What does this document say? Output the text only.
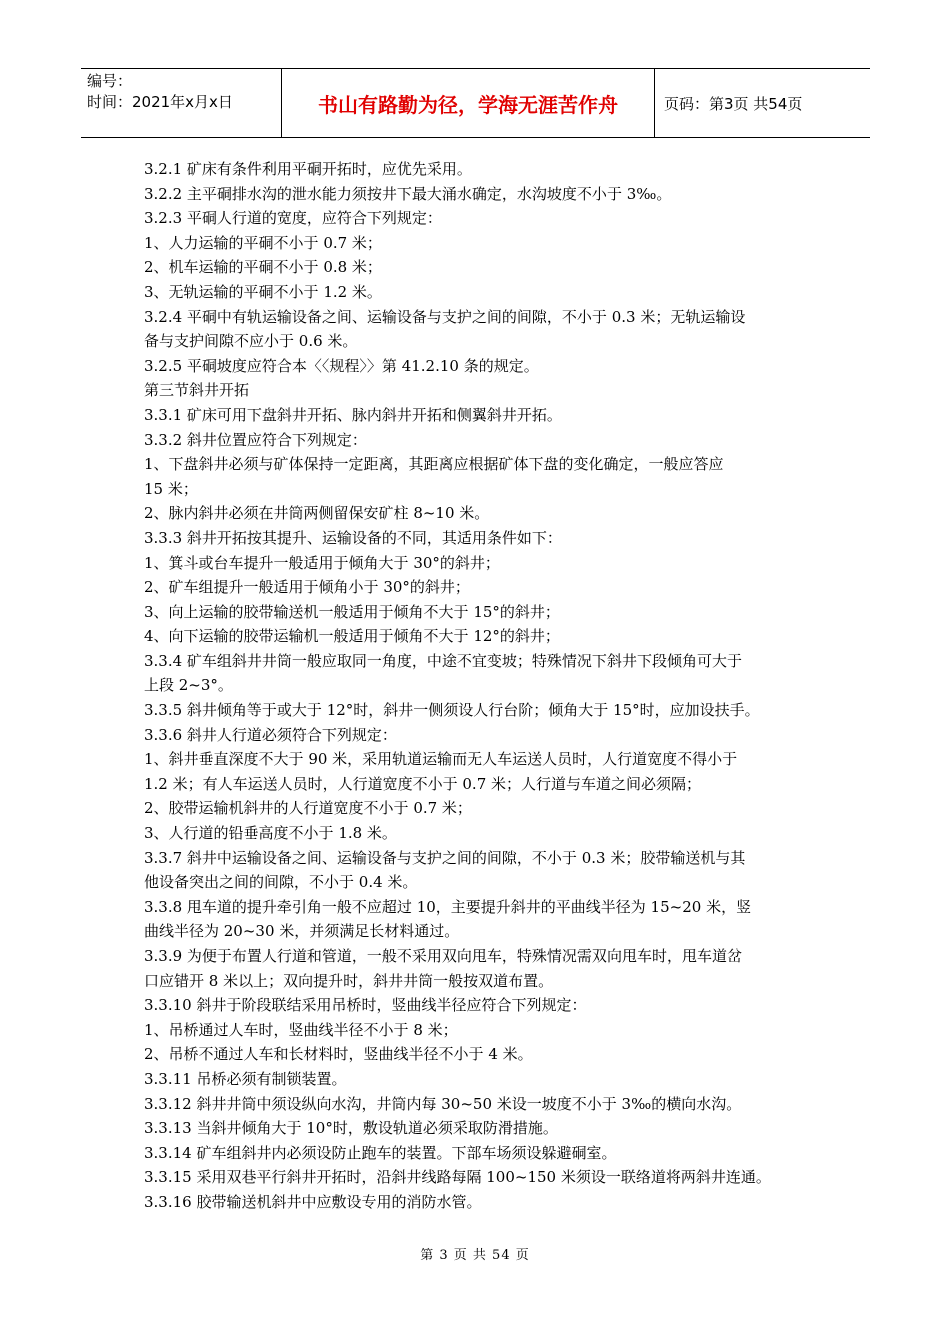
编号：
时间：2021年x月x日	书山有路勤为径，学海无涯苦作舟	页码：第3页 共54页

3.2.1 矿床有条件利用平硐开拓时，应优先采用。

3.2.2 主平硐排水沟的泄水能力须按井下最大涌水确定，水沟坡度不小于 3‰。

3.2.3 平硐人行道的宽度，应符合下列规定：

1、人力运输的平硐不小于 0.7 米；

2、机车运输的平硐不小于 0.8 米；

3、无轨运输的平硐不小于 1.2 米。

3.2.4 平硐中有轨运输设备之间、运输设备与支护之间的间隙，不小于 0.3 米；无轨运输设

备与支护间隙不应小于 0.6 米。

3.2.5 平硐坡度应符合本〈〈规程〉〉第 41.2.10 条的规定。

第三节斜井开拓

3.3.1 矿床可用下盘斜井开拓、脉内斜井开拓和侧翼斜井开拓。

3.3.2 斜井位置应符合下列规定：

1、下盘斜井必须与矿体保持一定距离，其距离应根据矿体下盘的变化确定，一般应答应

15 米；

2、脉内斜井必须在井筒两侧留保安矿柱 8~10 米。

3.3.3 斜井开拓按其提升、运输设备的不同，其适用条件如下：

1、箕斗或台车提升一般适用于倾角大于 30°的斜井；

2、矿车组提升一般适用于倾角小于 30°的斜井；

3、向上运输的胶带输送机一般适用于倾角不大于 15°的斜井；

4、向下运输的胶带运输机一般适用于倾角不大于 12°的斜井；

3.3.4 矿车组斜井井筒一般应取同一角度，中途不宜变坡；特殊情况下斜井下段倾角可大于

上段 2~3°。

3.3.5 斜井倾角等于或大于 12°时，斜井一侧须设人行台阶；倾角大于 15°时，应加设扶手。

3.3.6 斜井人行道必须符合下列规定：

1、斜井垂直深度不大于 90 米，采用轨道运输而无人车运送人员时，人行道宽度不得小于

1.2 米；有人车运送人员时，人行道宽度不小于 0.7 米；人行道与车道之间必须隔；

2、胶带运输机斜井的人行道宽度不小于 0.7 米；

3、人行道的铅垂高度不小于 1.8 米。

3.3.7 斜井中运输设备之间、运输设备与支护之间的间隙，不小于 0.3 米；胶带输送机与其

他设备突出之间的间隙，不小于 0.4 米。

3.3.8 甩车道的提升牵引角一般不应超过 10，主要提升斜井的平曲线半径为 15~20 米，竖

曲线半径为 20~30 米，并须满足长材料通过。

3.3.9 为便于布置人行道和管道，一般不采用双向甩车，特殊情况需双向甩车时，甩车道岔

口应错开 8 米以上；双向提升时，斜井井筒一般按双道布置。

3.3.10 斜井于阶段联结采用吊桥时，竖曲线半径应符合下列规定：

1、吊桥通过人车时，竖曲线半径不小于 8 米；

2、吊桥不通过人车和长材料时，竖曲线半径不小于 4 米。

3.3.11 吊桥必须有制锁装置。

3.3.12 斜井井筒中须设纵向水沟，井筒内每 30~50 米设一坡度不小于 3‰的横向水沟。

3.3.13 当斜井倾角大于 10°时，敷设轨道必须采取防滑措施。

3.3.14 矿车组斜井内必须设防止跑车的装置。下部车场须设躲避硐室。

3.3.15 采用双巷平行斜井开拓时，沿斜井线路每隔 100~150 米须设一联络道将两斜井连通。

3.3.16 胶带输送机斜井中应敷设专用的消防水管。

第 3 页 共 54 页
